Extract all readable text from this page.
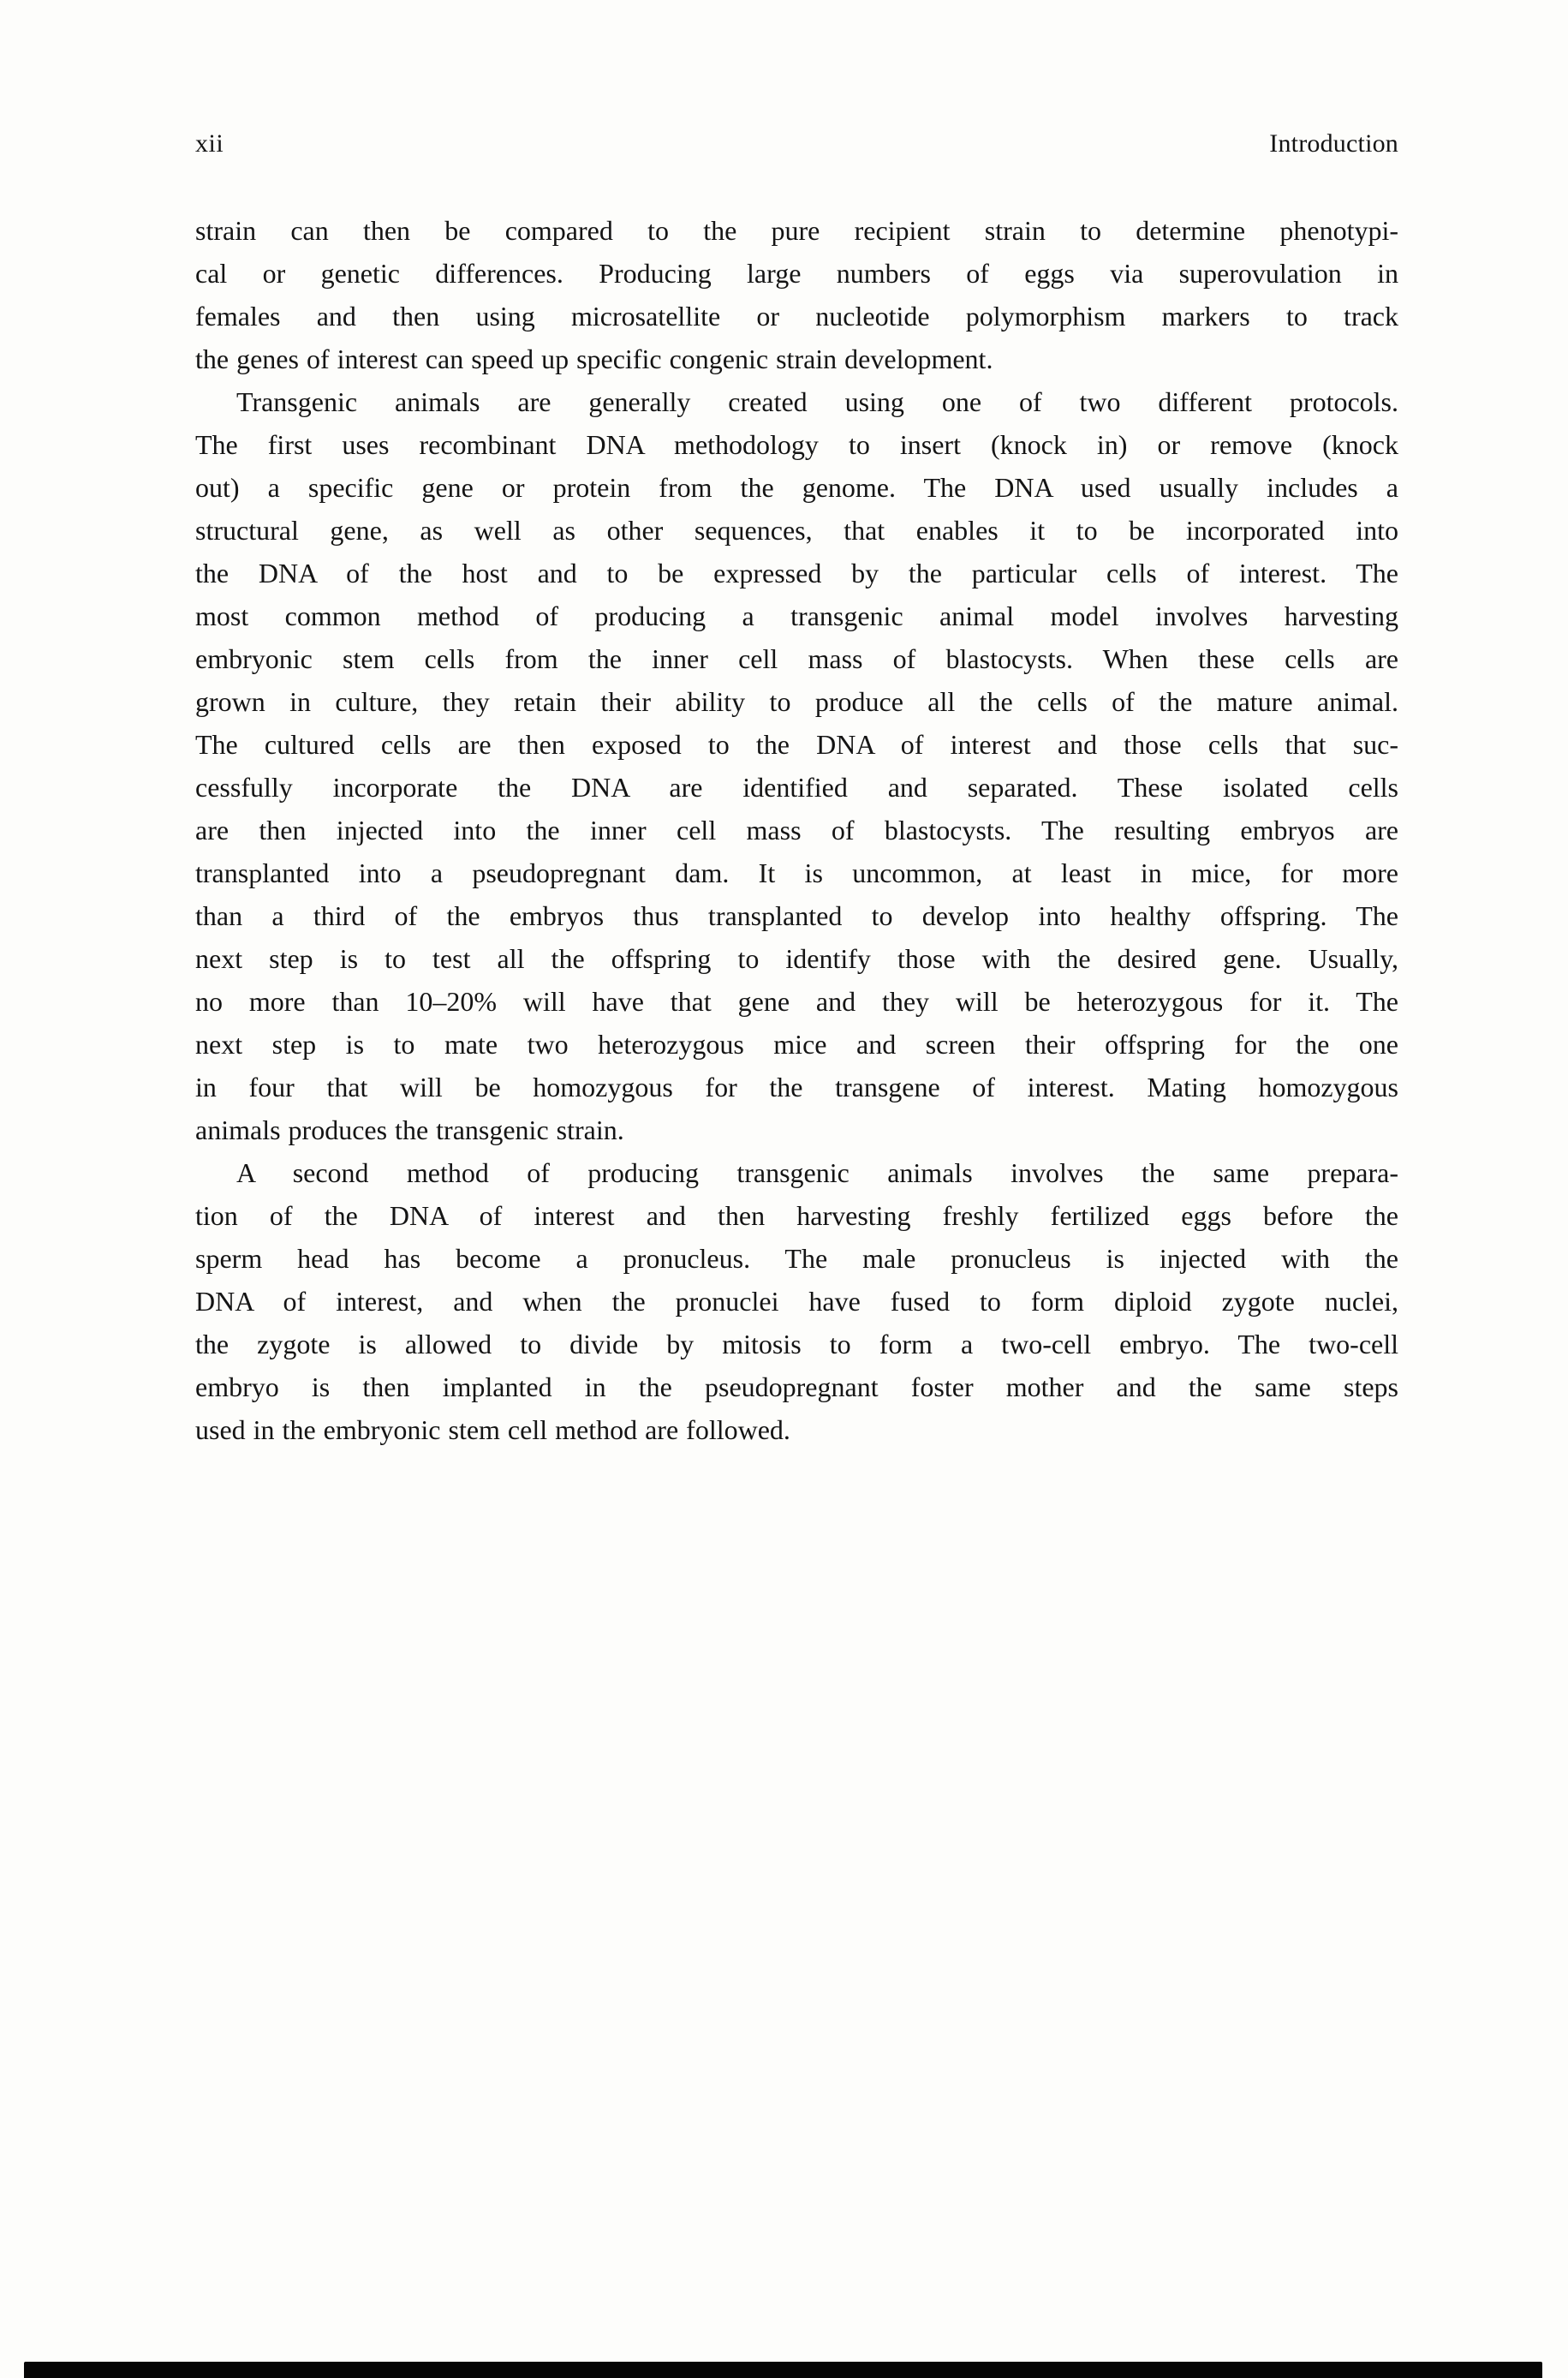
xii	Introduction
strain can then be compared to the pure recipient strain to determine phenotypi-
cal or genetic differences. Producing large numbers of eggs via superovulation in
females and then using microsatellite or nucleotide polymorphism markers to track
the genes of interest can speed up specific congenic strain development.
Transgenic animals are generally created using one of two different protocols.
The first uses recombinant DNA methodology to insert (knock in) or remove (knock
out) a specific gene or protein from the genome. The DNA used usually includes a
structural gene, as well as other sequences, that enables it to be incorporated into
the DNA of the host and to be expressed by the particular cells of interest. The
most common method of producing a transgenic animal model involves harvesting
embryonic stem cells from the inner cell mass of blastocysts. When these cells are
grown in culture, they retain their ability to produce all the cells of the mature animal.
The cultured cells are then exposed to the DNA of interest and those cells that suc-
cessfully incorporate the DNA are identified and separated. These isolated cells
are then injected into the inner cell mass of blastocysts. The resulting embryos are
transplanted into a pseudopregnant dam. It is uncommon, at least in mice, for more
than a third of the embryos thus transplanted to develop into healthy offspring. The
next step is to test all the offspring to identify those with the desired gene. Usually,
no more than 10–20% will have that gene and they will be heterozygous for it. The
next step is to mate two heterozygous mice and screen their offspring for the one
in four that will be homozygous for the transgene of interest. Mating homozygous
animals produces the transgenic strain.
A second method of producing transgenic animals involves the same prepara-
tion of the DNA of interest and then harvesting freshly fertilized eggs before the
sperm head has become a pronucleus. The male pronucleus is injected with the
DNA of interest, and when the pronuclei have fused to form diploid zygote nuclei,
the zygote is allowed to divide by mitosis to form a two-cell embryo. The two-cell
embryo is then implanted in the pseudopregnant foster mother and the same steps
used in the embryonic stem cell method are followed.
